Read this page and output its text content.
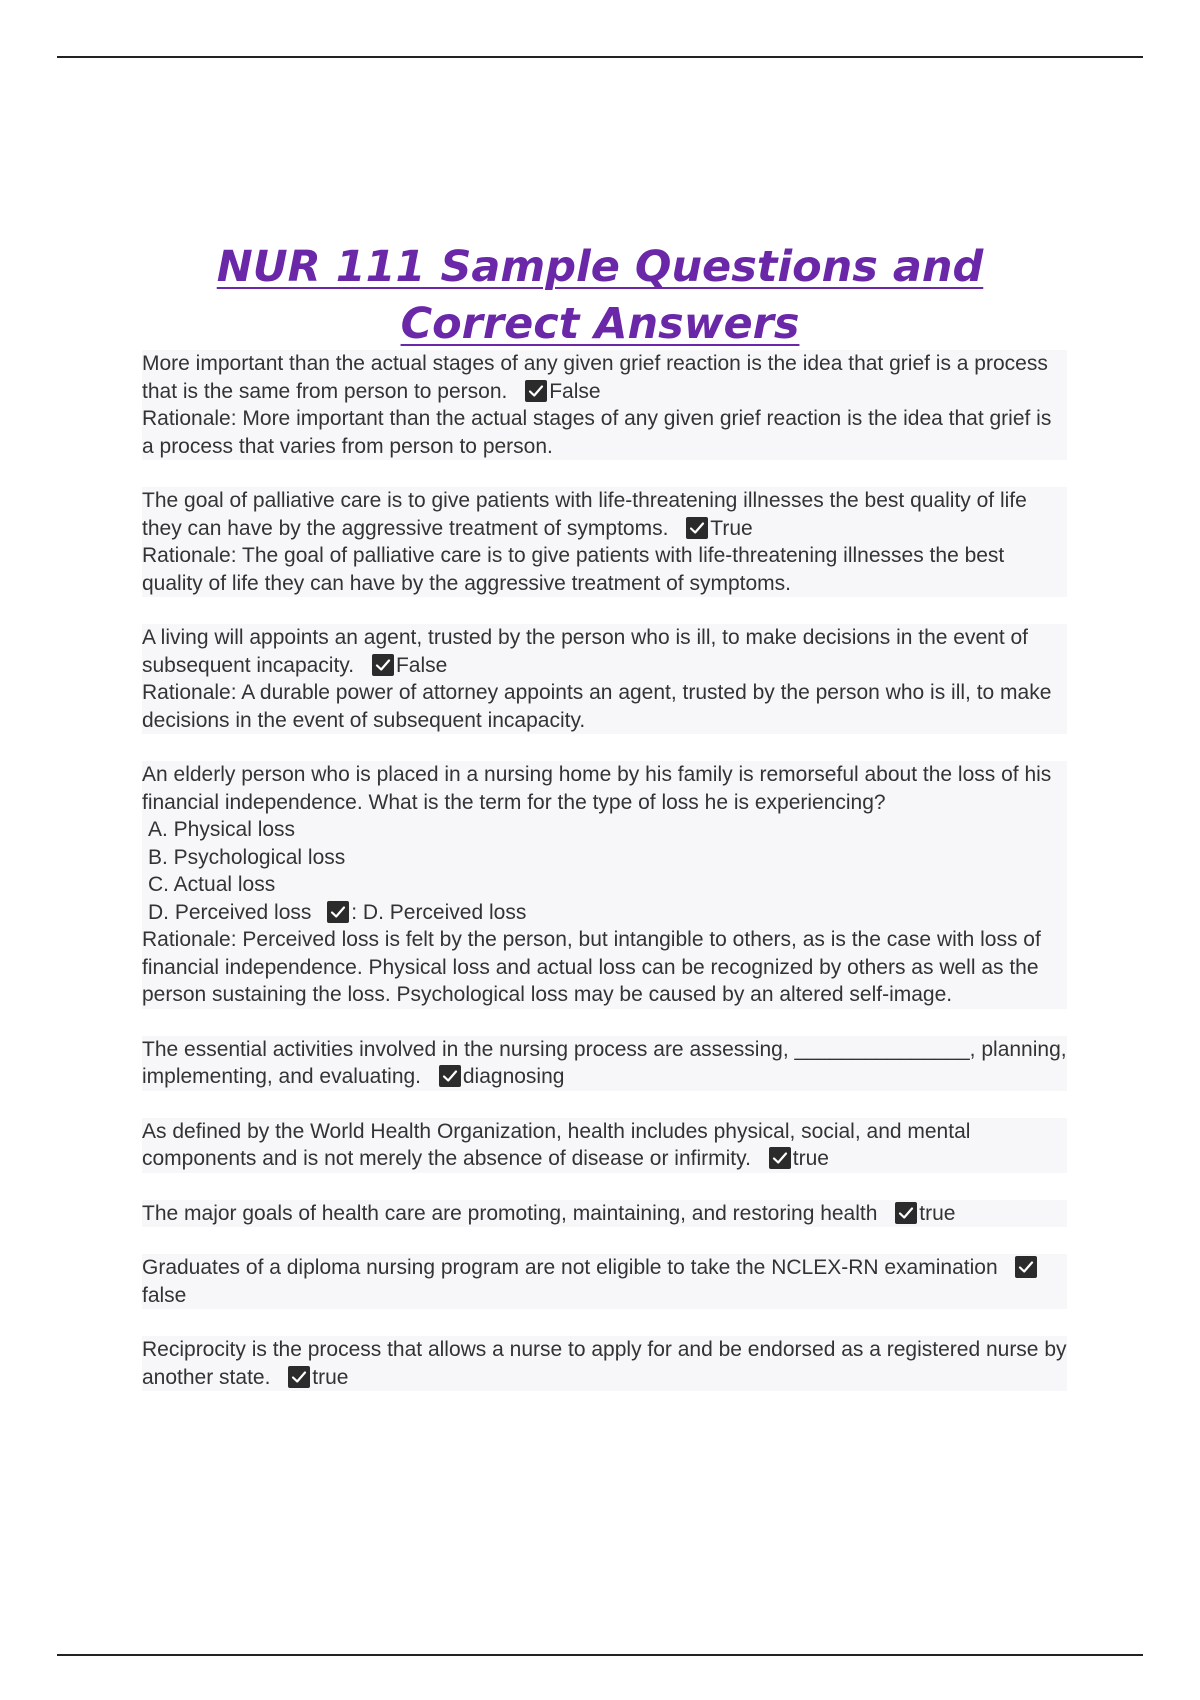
NUR 111 Sample Questions and Correct Answers

More important than the actual stages of any given grief reaction is the idea that grief is a process that is the same from person to person. False

Rationale: More important than the actual stages of any given grief reaction is the idea that grief is a process that varies from person to person.

The goal of palliative care is to give patients with life-threatening illnesses the best quality of life they can have by the aggressive treatment of symptoms. True

Rationale: The goal of palliative care is to give patients with life-threatening illnesses the best quality of life they can have by the aggressive treatment of symptoms.

A living will appoints an agent, trusted by the person who is ill, to make decisions in the event of subsequent incapacity. False

Rationale: A durable power of attorney appoints an agent, trusted by the person who is ill, to make decisions in the event of subsequent incapacity.

An elderly person who is placed in a nursing home by his family is remorseful about the loss of his financial independence. What is the term for the type of loss he is experiencing?

A. Physical loss

B. Psychological loss

C. Actual loss

D. Perceived loss : D. Perceived loss

Rationale: Perceived loss is felt by the person, but intangible to others, as is the case with loss of financial independence. Physical loss and actual loss can be recognized by others as well as the person sustaining the loss. Psychological loss may be caused by an altered self-image.

The essential activities involved in the nursing process are assessing, _______________, planning, implementing, and evaluating. diagnosing

As defined by the World Health Organization, health includes physical, social, and mental components and is not merely the absence of disease or infirmity. true

The major goals of health care are promoting, maintaining, and restoring health true

Graduates of a diploma nursing program are not eligible to take the NCLEX-RN examination
false

Reciprocity is the process that allows a nurse to apply for and be endorsed as a registered nurse by another state. true
